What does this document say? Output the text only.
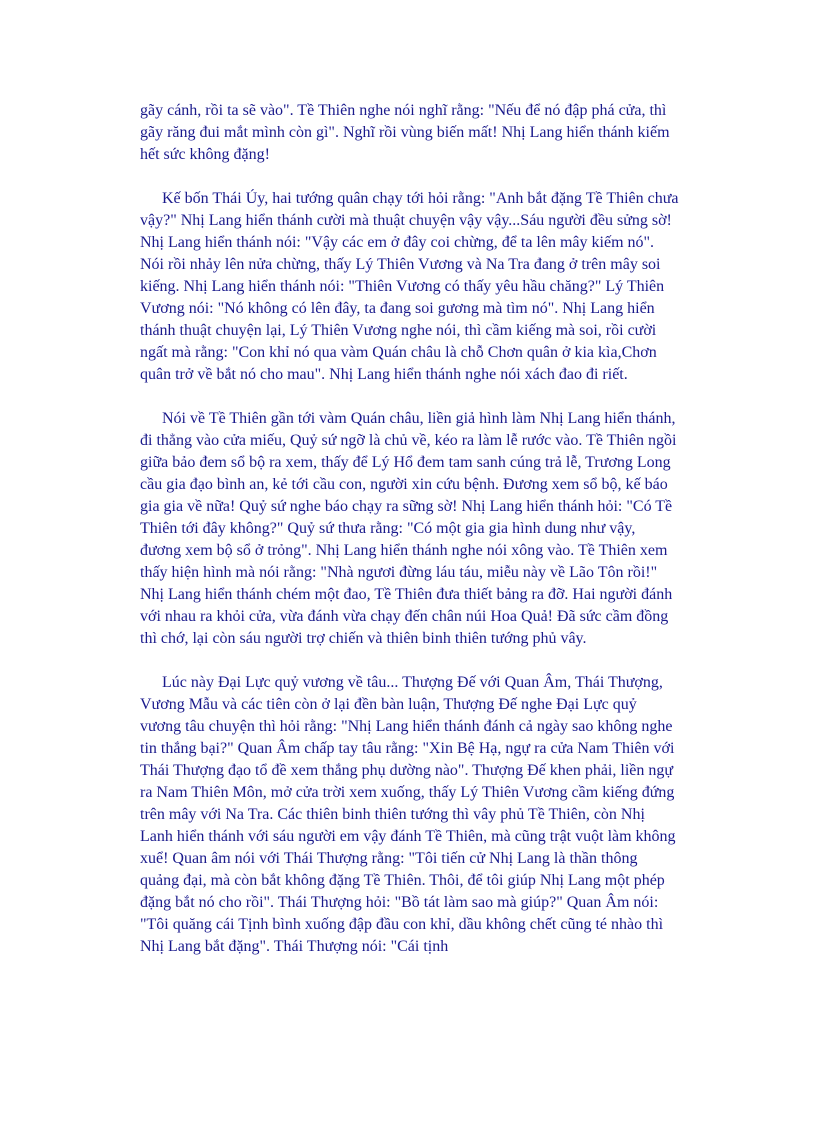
gãy cánh, rồi ta sẽ vào". Tề Thiên nghe nói nghĩ rằng: "Nếu để nó đập phá cửa, thì gãy răng đui mắt mình còn gì". Nghĩ rồi vùng biến mất! Nhị Lang hiển thánh kiếm hết sức không đặng!

Kế bốn Thái Úy, hai tướng quân chạy tới hỏi rằng: "Anh bắt đặng Tề Thiên chưa vậy?" Nhị Lang hiển thánh cười mà thuật chuyện vậy vậy...Sáu người đều sửng sờ! Nhị Lang hiển thánh nói: "Vậy các em ở đây coi chừng, để ta lên mây kiếm nó". Nói rồi nhảy lên nửa chừng, thấy Lý Thiên Vương và Na Tra đang ở trên mây soi kiếng. Nhị Lang hiển thánh nói: "Thiên Vương có thấy yêu hầu chăng?" Lý Thiên Vương nói: "Nó không có lên đây, ta đang soi gương mà tìm nó". Nhị Lang hiển thánh thuật chuyện lại, Lý Thiên Vương nghe nói, thì cầm kiếng mà soi, rồi cười ngất mà rằng: "Con khỉ nó qua vàm Quán châu là chỗ Chơn quân ở kia kìa,Chơn quân trở về bắt nó cho mau". Nhị Lang hiển thánh nghe nói xách đao đi riết.

Nói về Tề Thiên gần tới vàm Quán châu, liền giả hình làm Nhị Lang hiển thánh, đi thẳng vào cửa miếu, Quỷ sứ ngỡ là chủ về, kéo ra làm lễ rước vào. Tề Thiên ngồi giữa bảo đem sổ bộ ra xem, thấy để Lý Hổ đem tam sanh cúng trả lễ, Trương Long cầu gia đạo bình an, kẻ tới cầu con, người xin cứu bệnh. Đương xem sổ bộ, kế báo gia gia về nữa! Quỷ sứ nghe báo chạy ra sững sờ! Nhị Lang hiển thánh hỏi: "Có Tề Thiên tới đây không?" Quỷ sứ thưa rằng: "Có một gia gia hình dung như vậy, đương xem bộ sổ ở trỏng". Nhị Lang hiển thánh nghe nói xông vào. Tề Thiên xem thấy hiện hình mà nói rằng: "Nhà ngươi đừng láu táu, miễu này về Lão Tôn rồi!" Nhị Lang hiển thánh chém một đao, Tề Thiên đưa thiết bảng ra đỡ. Hai người đánh với nhau ra khỏi cửa, vừa đánh vừa chạy đến chân núi Hoa Quả! Đã sức cầm đồng thì chớ, lại còn sáu người trợ chiến và thiên binh thiên tướng phủ vây.

Lúc này Đại Lực quỷ vương về tâu... Thượng Đế với Quan Âm, Thái Thượng, Vương Mẫu và các tiên còn ở lại đền bàn luận, Thượng Đế nghe Đại Lực quỷ vương tâu chuyện thì hỏi rằng: "Nhị Lang hiển thánh đánh cả ngày sao không nghe tin thắng bại?" Quan Âm chấp tay tâu rằng: "Xin Bệ Hạ, ngự ra cửa Nam Thiên với Thái Thượng đạo tổ đề xem thắng phụ dường nào". Thượng Đế khen phải, liền ngự ra Nam Thiên Môn, mở cửa trời xem xuống, thấy Lý Thiên Vương cầm kiếng đứng trên mây với Na Tra. Các thiên binh thiên tướng thì vây phủ Tề Thiên, còn Nhị Lanh hiển thánh với sáu người em vậy đánh Tề Thiên, mà cũng trật vuột làm không xuể! Quan âm nói với Thái Thượng rằng: "Tôi tiến cử Nhị Lang là thần thông quảng đại, mà còn bắt không đặng Tề Thiên. Thôi, để tôi giúp Nhị Lang một phép đặng bắt nó cho rồi". Thái Thượng hỏi: "Bồ tát làm sao mà giúp?" Quan Âm nói: "Tôi quăng cái Tịnh bình xuống đập đầu con khỉ, dầu không chết cũng té nhào thì Nhị Lang bắt đặng". Thái Thượng nói: "Cái tịnh
